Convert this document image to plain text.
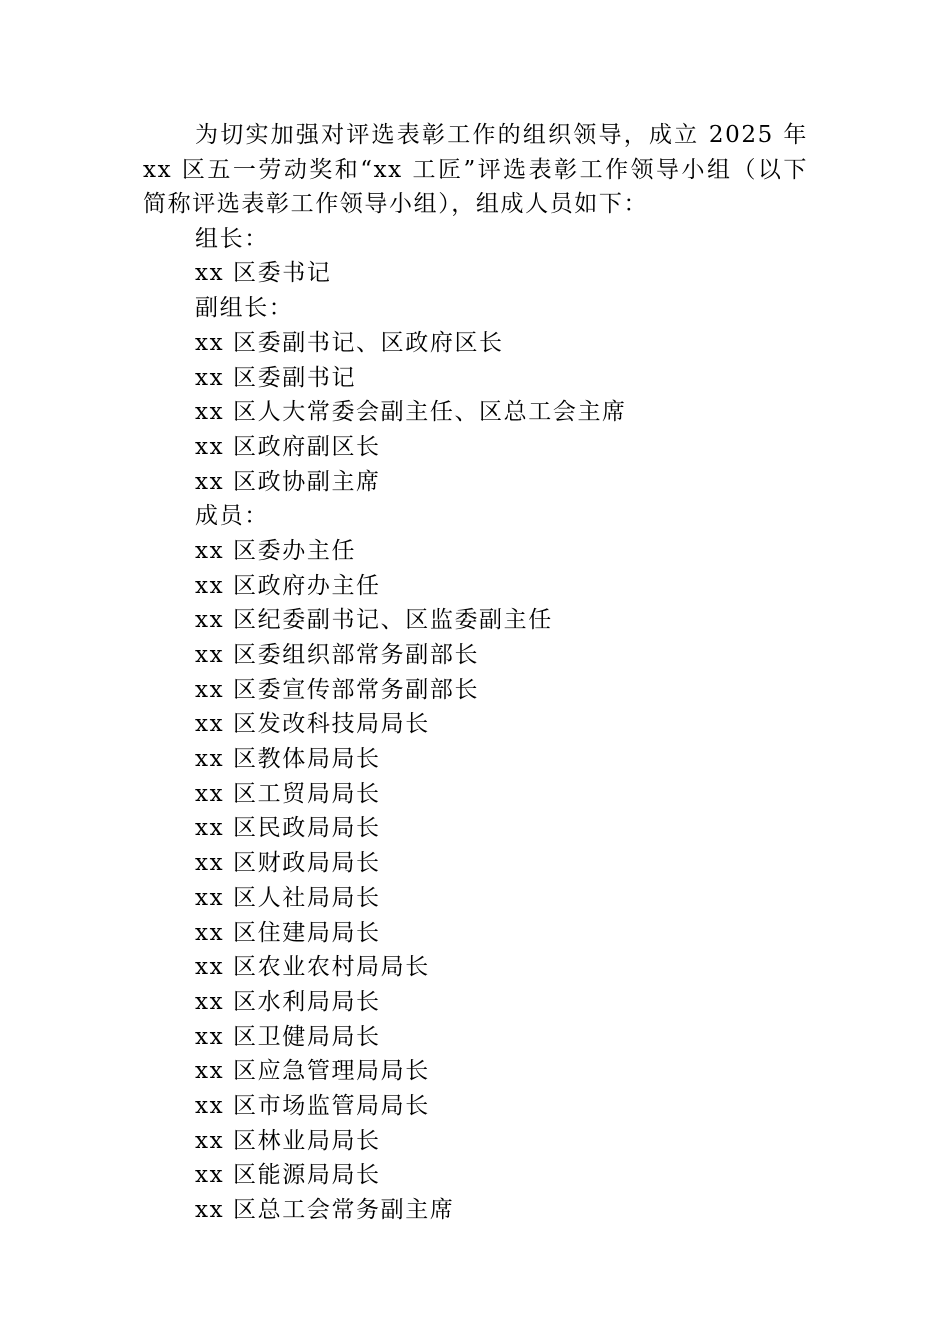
为切实加强对评选表彰工作的组织领导，成立 2025 年 xx 区五一劳动奖和“xx 工匠”评选表彰工作领导小组（以下简称评选表彰工作领导小组），组成人员如下：

组长：
xx 区委书记
副组长：
xx 区委副书记、区政府区长
xx 区委副书记
xx 区人大常委会副主任、区总工会主席
xx 区政府副区长
xx 区政协副主席
成员：
xx 区委办主任
xx 区政府办主任
xx 区纪委副书记、区监委副主任
xx 区委组织部常务副部长
xx 区委宣传部常务副部长
xx 区发改科技局局长
xx 区教体局局长
xx 区工贸局局长
xx 区民政局局长
xx 区财政局局长
xx 区人社局局长
xx 区住建局局长
xx 区农业农村局局长
xx 区水利局局长
xx 区卫健局局长
xx 区应急管理局局长
xx 区市场监管局局长
xx 区林业局局长
xx 区能源局局长
xx 区总工会常务副主席
